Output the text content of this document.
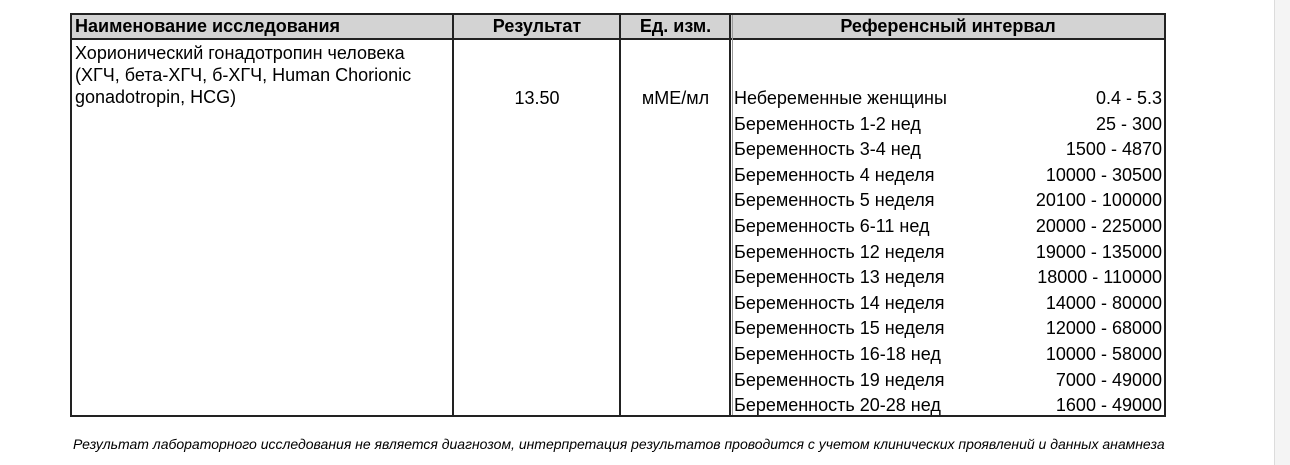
Наименование исследования	Результат	Ед. изм.	Референсный интервал
Хорионический гонадотропин человека (ХГЧ, бета-ХГЧ, б-ХГЧ, Human Chorionic gonadotropin, HCG)	13.50	мМЕ/мл	Небеременные женщины	0.4 - 5.3
Беременность 1-2 нед	25 - 300
Беременность 3-4 нед	1500 - 4870
Беременность 4 неделя	10000 - 30500
Беременность 5 неделя	20100 - 100000
Беременность 6-11 нед	20000 - 225000
Беременность 12 неделя	19000 - 135000
Беременность 13 неделя	18000 - 110000
Беременность 14 неделя	14000 - 80000
Беременность 15 неделя	12000 - 68000
Беременность 16-18 нед	10000 - 58000
Беременность 19 неделя	7000 - 49000
Беременность 20-28 нед	1600 - 49000
Результат лабораторного исследования не является диагнозом, интерпретация результатов проводится с учетом клинических проявлений и данных анамнеза
